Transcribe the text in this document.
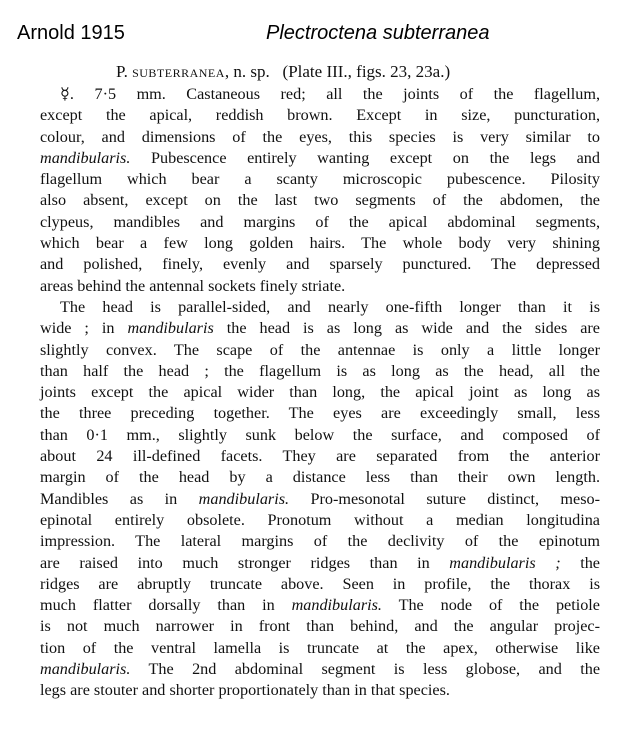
Arnold 1915	Plectroctena subterranea
P. subterranea, n. sp.   (Plate III., figs. 23, 23a.)
☿. 7·5 mm. Castaneous red; all the joints of the flagellum,
except the apical, reddish brown. Except in size, puncturation,
colour, and dimensions of the eyes, this species is very similar to
mandibularis. Pubescence entirely wanting except on the legs and
flagellum which bear a scanty microscopic pubescence. Pilosity
also absent, except on the last two segments of the abdomen, the
clypeus, mandibles and margins of the apical abdominal segments,
which bear a few long golden hairs. The whole body very shining
and polished, finely, evenly and sparsely punctured. The depressed
areas behind the antennal sockets finely striate.
The head is parallel-sided, and nearly one-fifth longer than it is
wide ; in mandibularis the head is as long as wide and the sides are
slightly convex. The scape of the antennae is only a little longer
than half the head ; the flagellum is as long as the head, all the
joints except the apical wider than long, the apical joint as long as
the three preceding together. The eyes are exceedingly small, less
than 0·1 mm., slightly sunk below the surface, and composed of
about 24 ill-defined facets. They are separated from the anterior
margin of the head by a distance less than their own length.
Mandibles as in mandibularis. Pro-mesonotal suture distinct, meso-
epinotal entirely obsolete. Pronotum without a median longitudina
impression. The lateral margins of the declivity of the epinotum
are raised into much stronger ridges than in mandibularis ; the
ridges are abruptly truncate above. Seen in profile, the thorax is
much flatter dorsally than in mandibularis. The node of the petiole
is not much narrower in front than behind, and the angular projec-
tion of the ventral lamella is truncate at the apex, otherwise like
mandibularis. The 2nd abdominal segment is less globose, and the
legs are stouter and shorter proportionately than in that species.
